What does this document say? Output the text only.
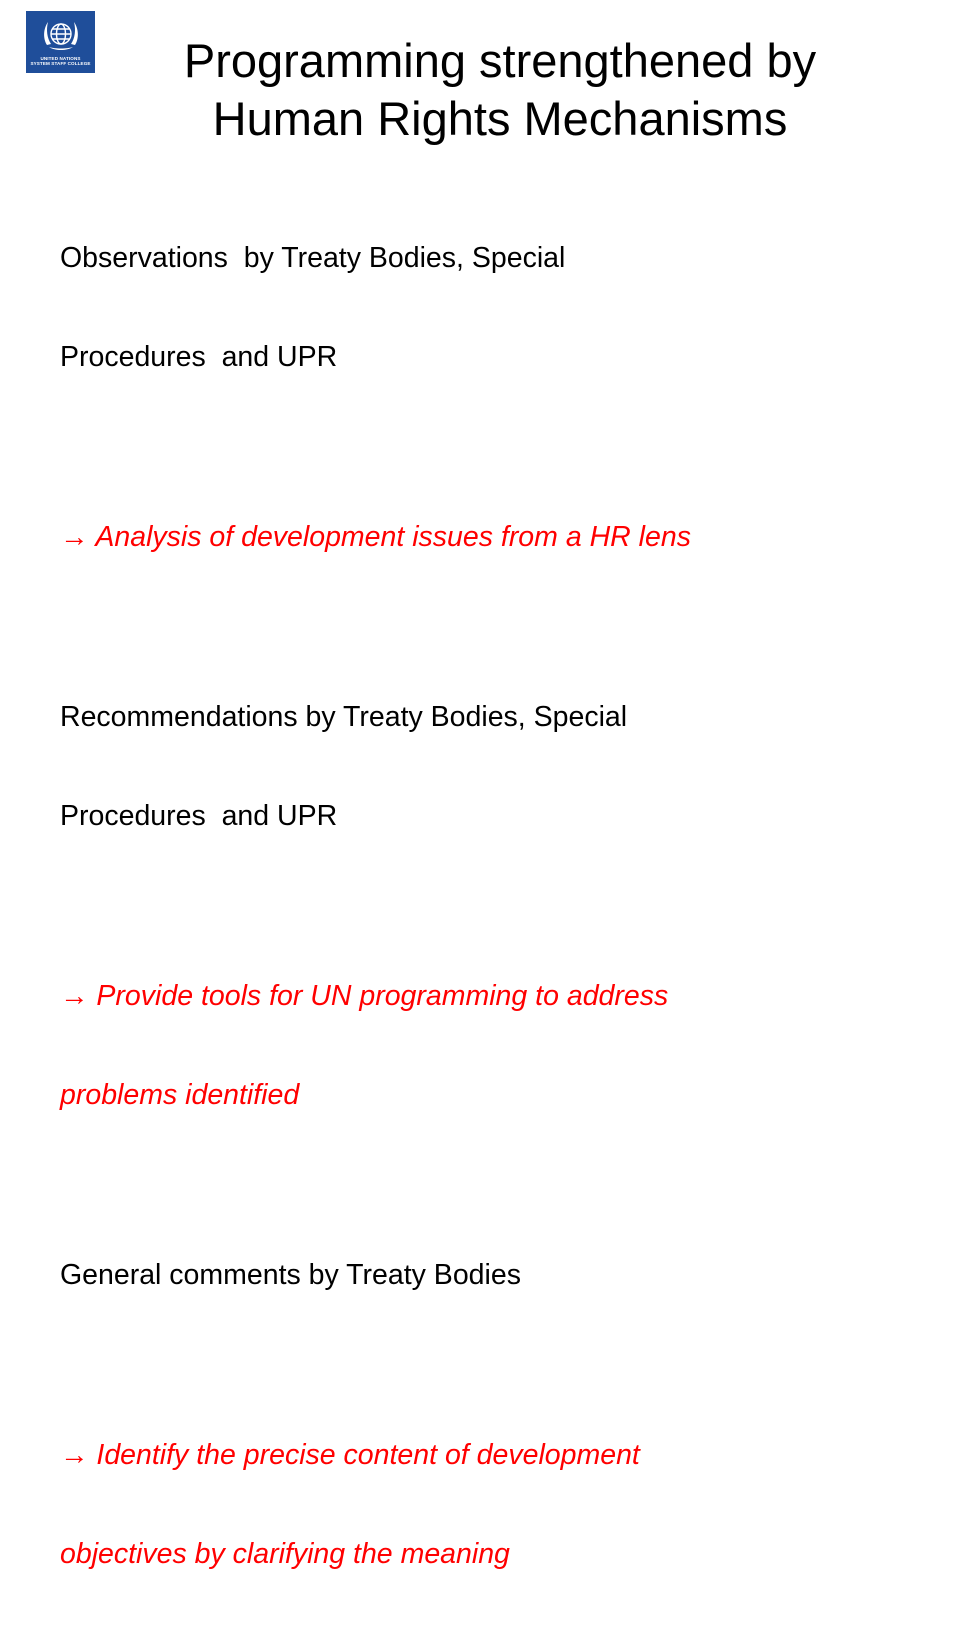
UNITED NATIONS
SYSTEM STAFF COLLEGE	Programming strengthened by
Human Rights Mechanisms

Observations  by Treaty Bodies, Special

Procedures  and UPR

→ Analysis of development issues from a HR lens

Recommendations by Treaty Bodies, Special

Procedures  and UPR

→ Provide tools for UN programming to address

problems identified

General comments by Treaty Bodies

→ Identify the precise content of development

objectives by clarifying the meaning
